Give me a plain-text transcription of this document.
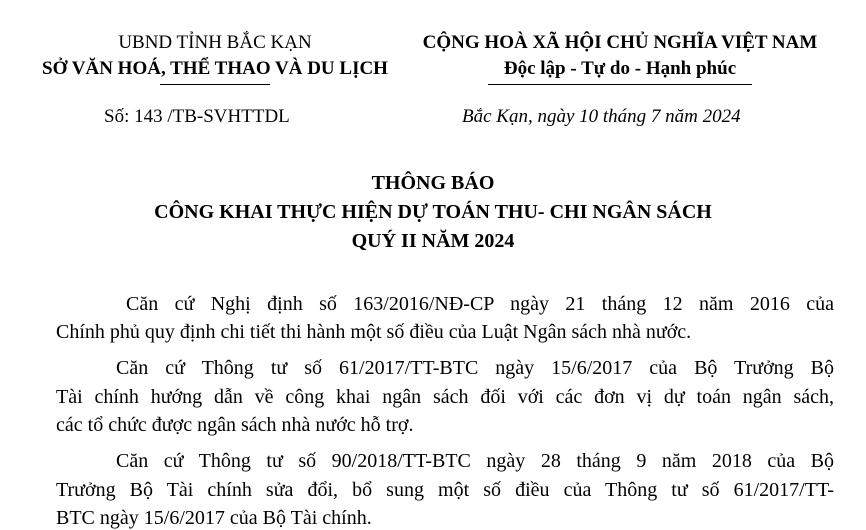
UBND TỈNH BẮC KẠN
SỞ VĂN HOÁ, THỂ THAO VÀ DU LỊCH
CỘNG HOÀ XÃ HỘI CHỦ NGHĨA VIỆT NAM
Độc lập - Tự do - Hạnh phúc
Số: 143 /TB-SVHTTDL	Bắc Kạn, ngày 10 tháng 7 năm 2024
THÔNG BÁO
CÔNG KHAI THỰC HIỆN DỰ TOÁN THU- CHI NGÂN SÁCH
QUÝ II NĂM 2024
Căn cứ Nghị định số 163/2016/NĐ-CP ngày 21 tháng 12 năm 2016 của
Chính phủ quy định chi tiết thi hành một số điều của Luật Ngân sách nhà nước.
Căn cứ Thông tư số 61/2017/TT-BTC ngày 15/6/2017 của Bộ Trưởng Bộ
Tài chính hướng dẫn về công khai ngân sách đối với các đơn vị dự toán ngân sách,
các tổ chức được ngân sách nhà nước hỗ trợ.
Căn cứ Thông tư số 90/2018/TT-BTC ngày 28 tháng 9 năm 2018 của Bộ
Trưởng Bộ Tài chính sửa đổi, bổ sung một số điều của Thông tư số 61/2017/TT-
BTC ngày 15/6/2017 của Bộ Tài chính.
